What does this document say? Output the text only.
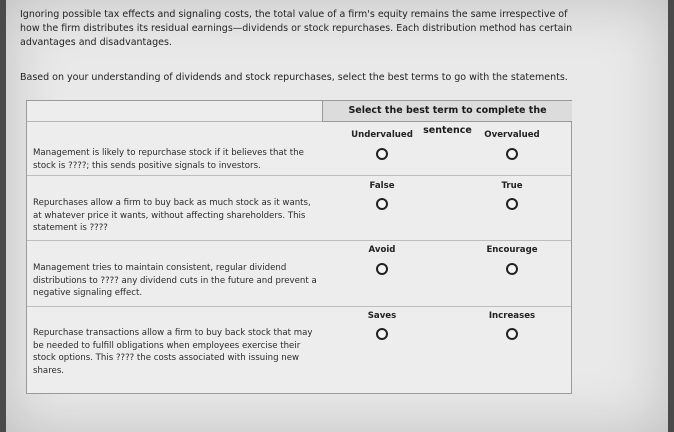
Ignoring possible tax effects and signaling costs, the total value of a firm's equity remains the same irrespective of how the firm distributes its residual earnings—dividends or stock repurchases. Each distribution method has certain advantages and disadvantages.
Based on your understanding of dividends and stock repurchases, select the best terms to go with the statements.
Select the best term to complete the sentence
Management is likely to repurchase stock if it believes that the stock is ????; this sends positive signals to investors.
Undervalued	Overvalued
Repurchases allow a firm to buy back as much stock as it wants, at whatever price it wants, without affecting shareholders. This statement is ????
False	True
Management tries to maintain consistent, regular dividend distributions to ???? any dividend cuts in the future and prevent a negative signaling effect.
Avoid	Encourage
Repurchase transactions allow a firm to buy back stock that may be needed to fulfill obligations when employees exercise their stock options. This ???? the costs associated with issuing new shares.
Saves	Increases
